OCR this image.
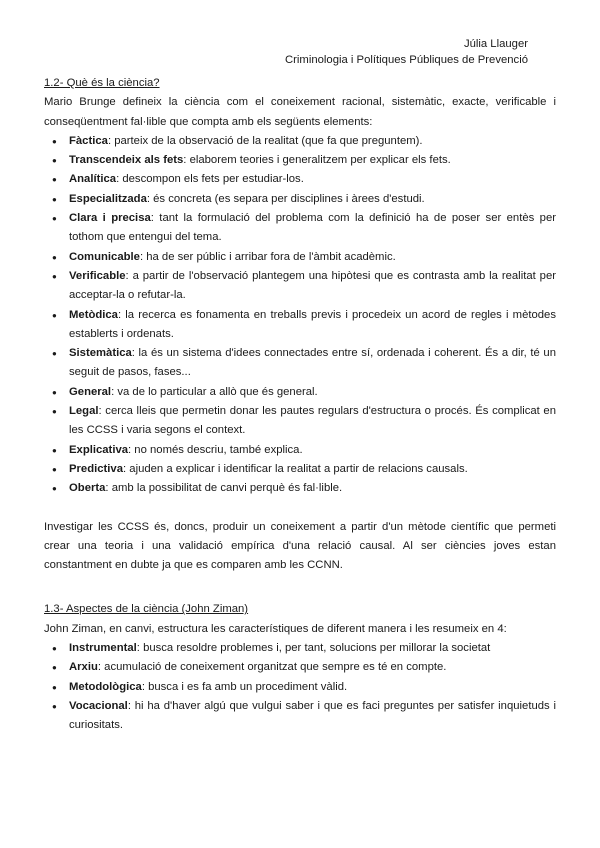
Júlia Llauger
Criminologia i Polítiques Públiques de Prevenció
1.2- Què és la ciència?
Mario Brunge defineix la ciència com el coneixement racional, sistemàtic, exacte, verificable i conseqüentment fal·lible que compta amb els següents elements:
● Fàctica: parteix de la observació de la realitat (que fa que preguntem).
● Transcendeix als fets: elaborem teories i generalitzem per explicar els fets.
● Analítica: descompon els fets per estudiar-los.
● Especialitzada: és concreta (es separa per disciplines i àrees d'estudi.
● Clara i precisa: tant la formulació del problema com la definició ha de poser ser entès per tothom que entengui del tema.
● Comunicable: ha de ser públic i arribar fora de l'àmbit acadèmic.
● Verificable: a partir de l'observació plantegem una hipòtesi que es contrasta amb la realitat per acceptar-la o refutar-la.
● Metòdica: la recerca es fonamenta en treballs previs i procedeix un acord de regles i mètodes establerts i ordenats.
● Sistemàtica: la és un sistema d'idees connectades entre sí, ordenada i coherent. És a dir, té un seguit de pasos, fases...
● General: va de lo particular a allò que és general.
● Legal: cerca lleis que permetin donar les pautes regulars d'estructura o procés. És complicat en les CCSS i varia segons el context.
● Explicativa: no només descriu, també explica.
● Predictiva: ajuden a explicar i identificar la realitat a partir de relacions causals.
● Oberta: amb la possibilitat de canvi perquè és fal·lible.
Investigar les CCSS és, doncs, produir un coneixement a partir d'un mètode científic que permeti crear una teoria i una validació empírica d'una relació causal. Al ser ciències joves estan constantment en dubte ja que es comparen amb les CCNN.
1.3- Aspectes de la ciència (John Ziman)
John Ziman, en canvi, estructura les característiques de diferent manera i les resumeix en 4:
● Instrumental: busca resoldre problemes i, per tant, solucions per millorar la societat
● Arxiu: acumulació de coneixement organitzat que sempre es té en compte.
● Metodològica: busca i es fa amb un procediment vàlid.
● Vocacional: hi ha d'haver algú que vulgui saber i que es faci preguntes per satisfer inquietuds i curiositats.
